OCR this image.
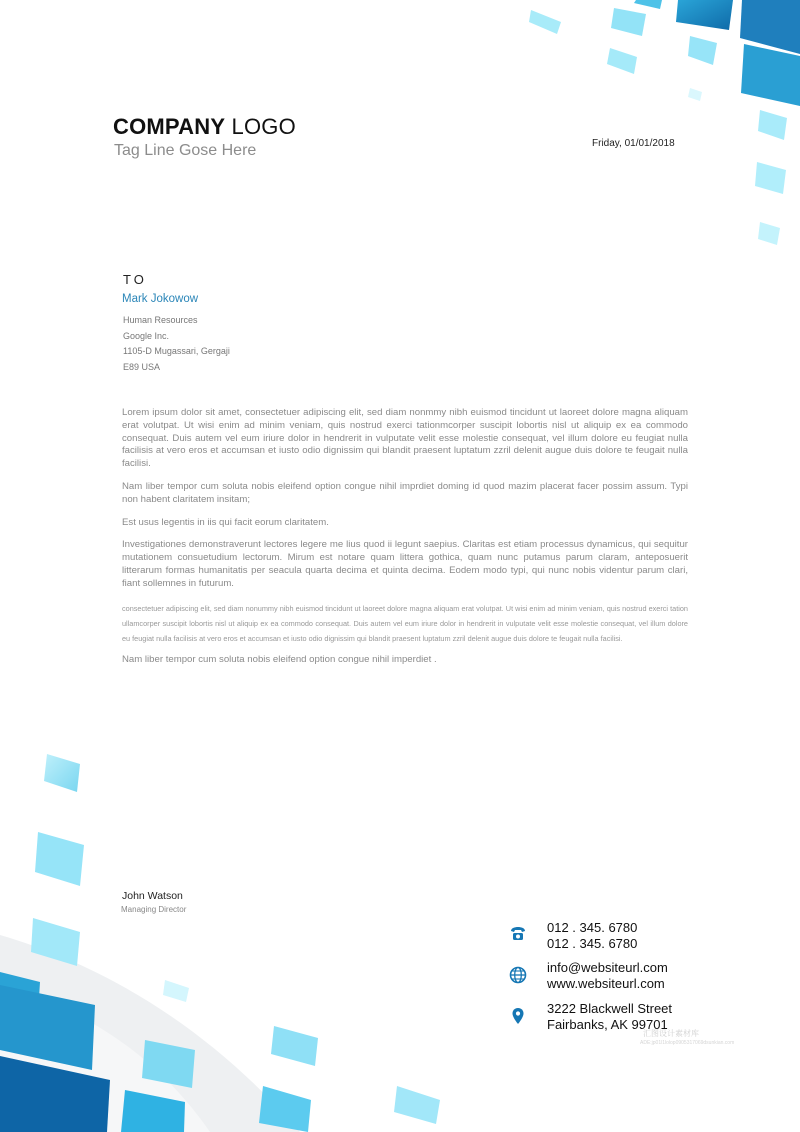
COMPANY LOGO
Tag Line Gose Here	Friday, 01/01/2018
TO
Mark Jokowow
Human Resources
Google Inc.
1105-D Mugassari, Gergaji
E89 USA

Lorem ipsum dolor sit amet, consectetuer adipiscing elit, sed diam nonmmy nibh euismod tincidunt ut laoreet dolore magna aliquam erat volutpat. Ut wisi enim ad minim veniam, quis nostrud exerci tationmcorper suscipit lobortis nisl ut aliquip ex ea commodo consequat. Duis autem vel eum iriure dolor in hendrerit in vulputate velit esse molestie consequat, vel illum dolore eu feugiat nulla facilisis at vero eros et accumsan et iusto odio dignissim qui blandit praesent luptatum zzril delenit augue duis dolore te feugait nulla facilisi.

Nam liber tempor cum soluta nobis eleifend option congue nihil imprdiet doming id quod mazim placerat facer possim assum. Typi non habent claritatem insitam;

Est usus legentis in iis qui facit eorum claritatem.

Investigationes demonstraverunt lectores legere me lius quod ii legunt saepius. Claritas est etiam processus dynamicus, qui sequitur mutationem consuetudium lectorum. Mirum est notare quam littera gothica, quam nunc putamus parum claram, anteposuerit litterarum formas humanitatis per seacula quarta decima et quinta decima. Eodem modo typi, qui nunc nobis videntur parum clari, fiant sollemnes in futurum.

consectetuer adipiscing elit, sed diam nonummy nibh euismod tincidunt ut laoreet dolore magna aliquam erat volutpat. Ut wisi enim ad minim veniam, quis nostrud exerci tation ullamcorper suscipit lobortis nisl ut aliquip ex ea commodo consequat. Duis autem vel eum iriure dolor in hendrerit in vulputate velit esse molestie consequat, vel illum dolore eu feugiat nulla facilisis at vero eros et accumsan et iusto odio dignissim qui blandit praesent luptatum zzril delenit augue duis dolore te feugait nulla facilisi.

Nam liber tempor cum soluta nobis eleifend option congue nihil imperdiet .

John Watson
Managing Director
012 . 345. 6780
012 . 345. 6780
info@websiteurl.com
www.websiteurl.com
3222 Blackwell Street
Fairbanks, AK 99701
汇图设计素材库
ADE:jp01l1lolop0905317069dsunkian.com
